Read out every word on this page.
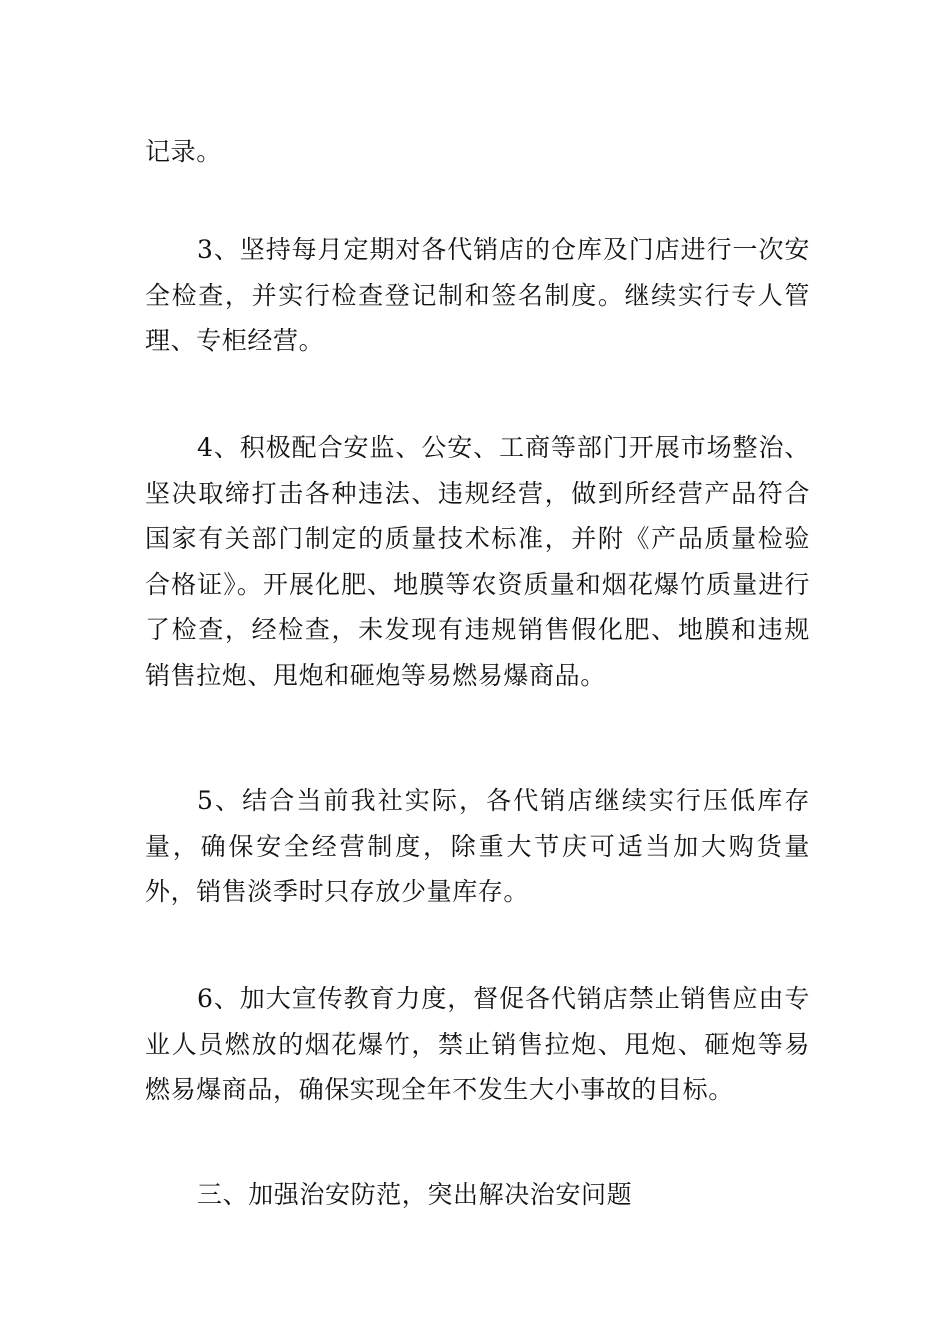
记录。

3、坚持每月定期对各代销店的仓库及门店进行一次安全检查，并实行检查登记制和签名制度。继续实行专人管理、专柜经营。

4、积极配合安监、公安、工商等部门开展市场整治、坚决取缔打击各种违法、违规经营，做到所经营产品符合国家有关部门制定的质量技术标准，并附《产品质量检验合格证》。开展化肥、地膜等农资质量和烟花爆竹质量进行了检查，经检查，未发现有违规销售假化肥、地膜和违规销售拉炮、甩炮和砸炮等易燃易爆商品。

5、结合当前我社实际，各代销店继续实行压低库存量，确保安全经营制度，除重大节庆可适当加大购货量外，销售淡季时只存放少量库存。

6、加大宣传教育力度，督促各代销店禁止销售应由专业人员燃放的烟花爆竹，禁止销售拉炮、甩炮、砸炮等易燃易爆商品，确保实现全年不发生大小事故的目标。

三、加强治安防范，突出解决治安问题
